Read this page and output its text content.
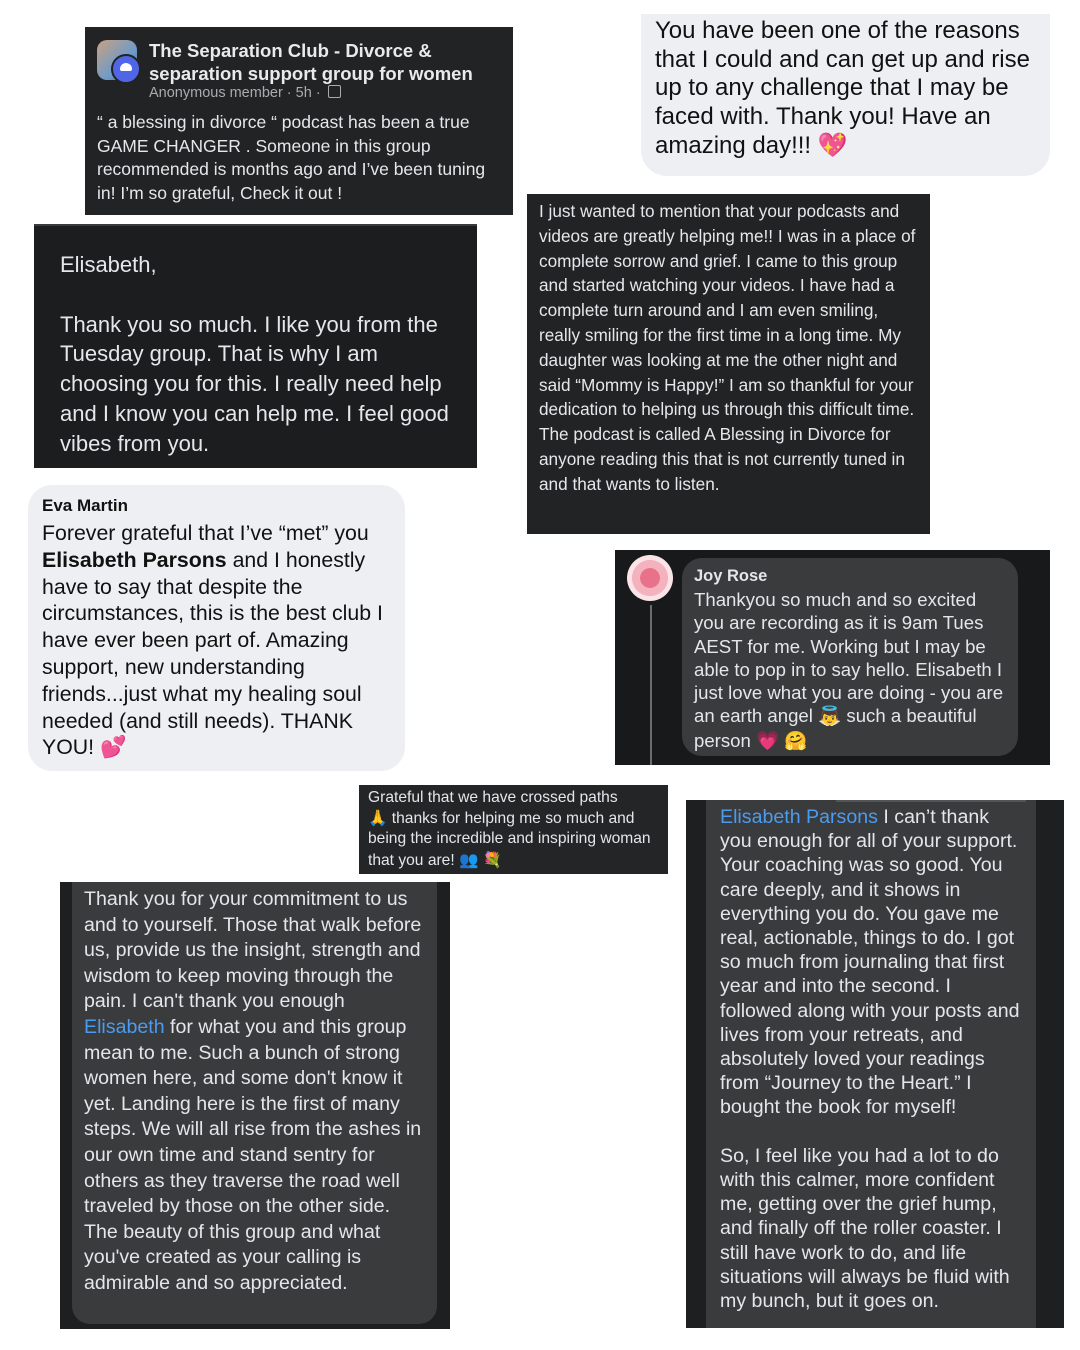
The Separation Club - Divorce & separation support group for women
Anonymous member · 5h ·
“ a blessing in divorce “ podcast has been a true GAME CHANGER . Someone in this group recommended is months ago and I’ve been tuning in! I’m so grateful, Check it out !
You have been one of the reasons that I could and can get up and rise up to any challenge that I may be faced with. Thank you! Have an amazing day!!! 💖

Elisabeth,

Thank you so much. I like you from the Tuesday group. That is why I am choosing you for this. I really need help and I know you can help me. I feel good vibes from you.

I just wanted to mention that your podcasts and videos are greatly helping me!! I was in a place of complete sorrow and grief. I came to this group and started watching your videos. I have had a complete turn around and I am even smiling, really smiling for the first time in a long time. My daughter was looking at me the other night and said “Mommy is Happy!” I am so thankful for your dedication to helping us through this difficult time. The podcast is called A Blessing in Divorce for anyone reading this that is not currently tuned in and that wants to listen.
Eva Martin
Forever grateful that I’ve “met” you Elisabeth Parsons and I honestly have to say that despite the circumstances, this is the best club I have ever been part of. Amazing support, new understanding friends...just what my healing soul needed (and still needs). THANK YOU! 💕
Joy Rose
Thankyou so much and so excited you are recording as it is 9am Tues AEST for me. Working but I may be able to pop in to say hello. Elisabeth I just love what you are doing - you are an earth angel 👼 such a beautiful person 💗 🤗
Grateful that we have crossed paths
🙏 thanks for helping me so much and being the incredible and inspiring woman that you are! 👥 💐
Thank you for your commitment to us and to yourself. Those that walk before us, provide us the insight, strength and wisdom to keep moving through the pain. I can't thank you enough Elisabeth for what you and this group mean to me. Such a bunch of strong women here, and some don't know it yet. Landing here is the first of many steps. We will all rise from the ashes in our own time and stand sentry for others as they traverse the road well traveled by those on the other side. The beauty of this group and what you've created as your calling is admirable and so appreciated.
Elisabeth Parsons I can’t thank you enough for all of your support. Your coaching was so good. You care deeply, and it shows in everything you do. You gave me real, actionable, things to do. I got so much from journaling that first year and into the second. I followed along with your posts and lives from your retreats, and absolutely loved your readings from “Journey to the Heart.” I bought the book for myself!
So, I feel like you had a lot to do with this calmer, more confident me, getting over the grief hump, and finally off the roller coaster. I still have work to do, and life situations will always be fluid with my bunch, but it goes on.
